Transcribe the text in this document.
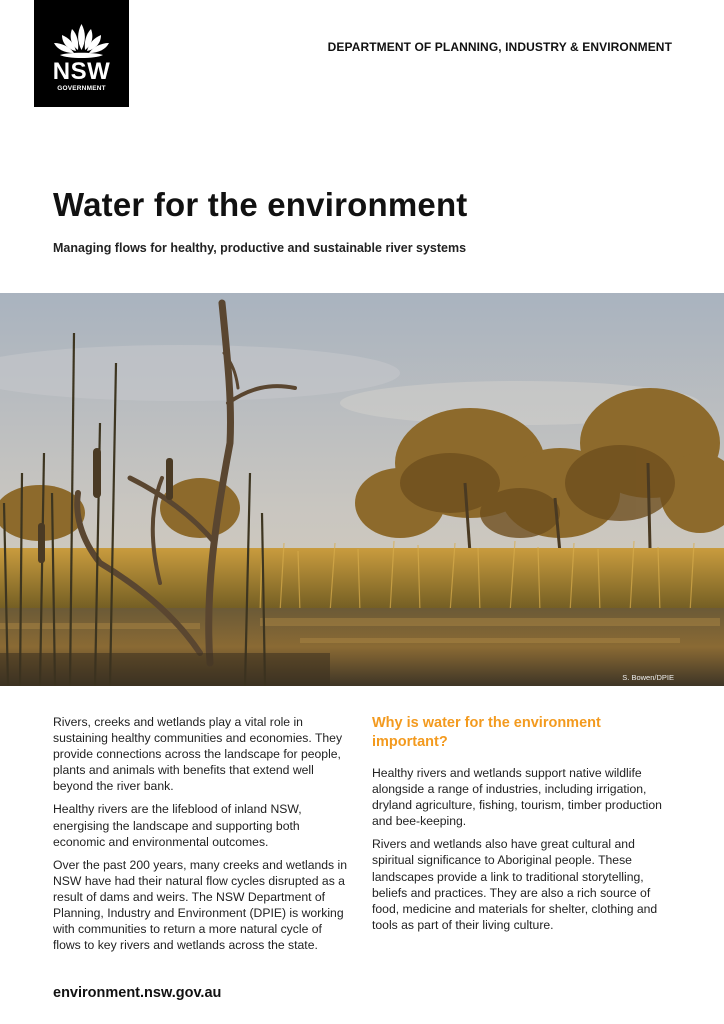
NSW
GOVERNMENT
DEPARTMENT OF PLANNING, INDUSTRY & ENVIRONMENT
Water for the environment
Managing flows for healthy, productive and sustainable river systems
S. Bowen/DPIE

Rivers, creeks and wetlands play a vital role in sustaining healthy communities and economies. They provide connections across the landscape for people, plants and animals with benefits that extend well beyond the river bank.

Healthy rivers are the lifeblood of inland NSW, energising the landscape and supporting both economic and environmental outcomes.

Over the past 200 years, many creeks and wetlands in NSW have had their natural flow cycles disrupted as a result of dams and weirs. The NSW Department of Planning, Industry and Environment (DPIE) is working with communities to return a more natural cycle of flows to key rivers and wetlands across the state.

Why is water for the environment important?

Healthy rivers and wetlands support native wildlife alongside a range of industries, including irrigation, dryland agriculture, fishing, tourism, timber production and bee-keeping.

Rivers and wetlands also have great cultural and spiritual significance to Aboriginal people. These landscapes provide a link to traditional storytelling, beliefs and practices. They are also a rich source of food, medicine and materials for shelter, clothing and tools as part of their living culture.

environment.nsw.gov.au
